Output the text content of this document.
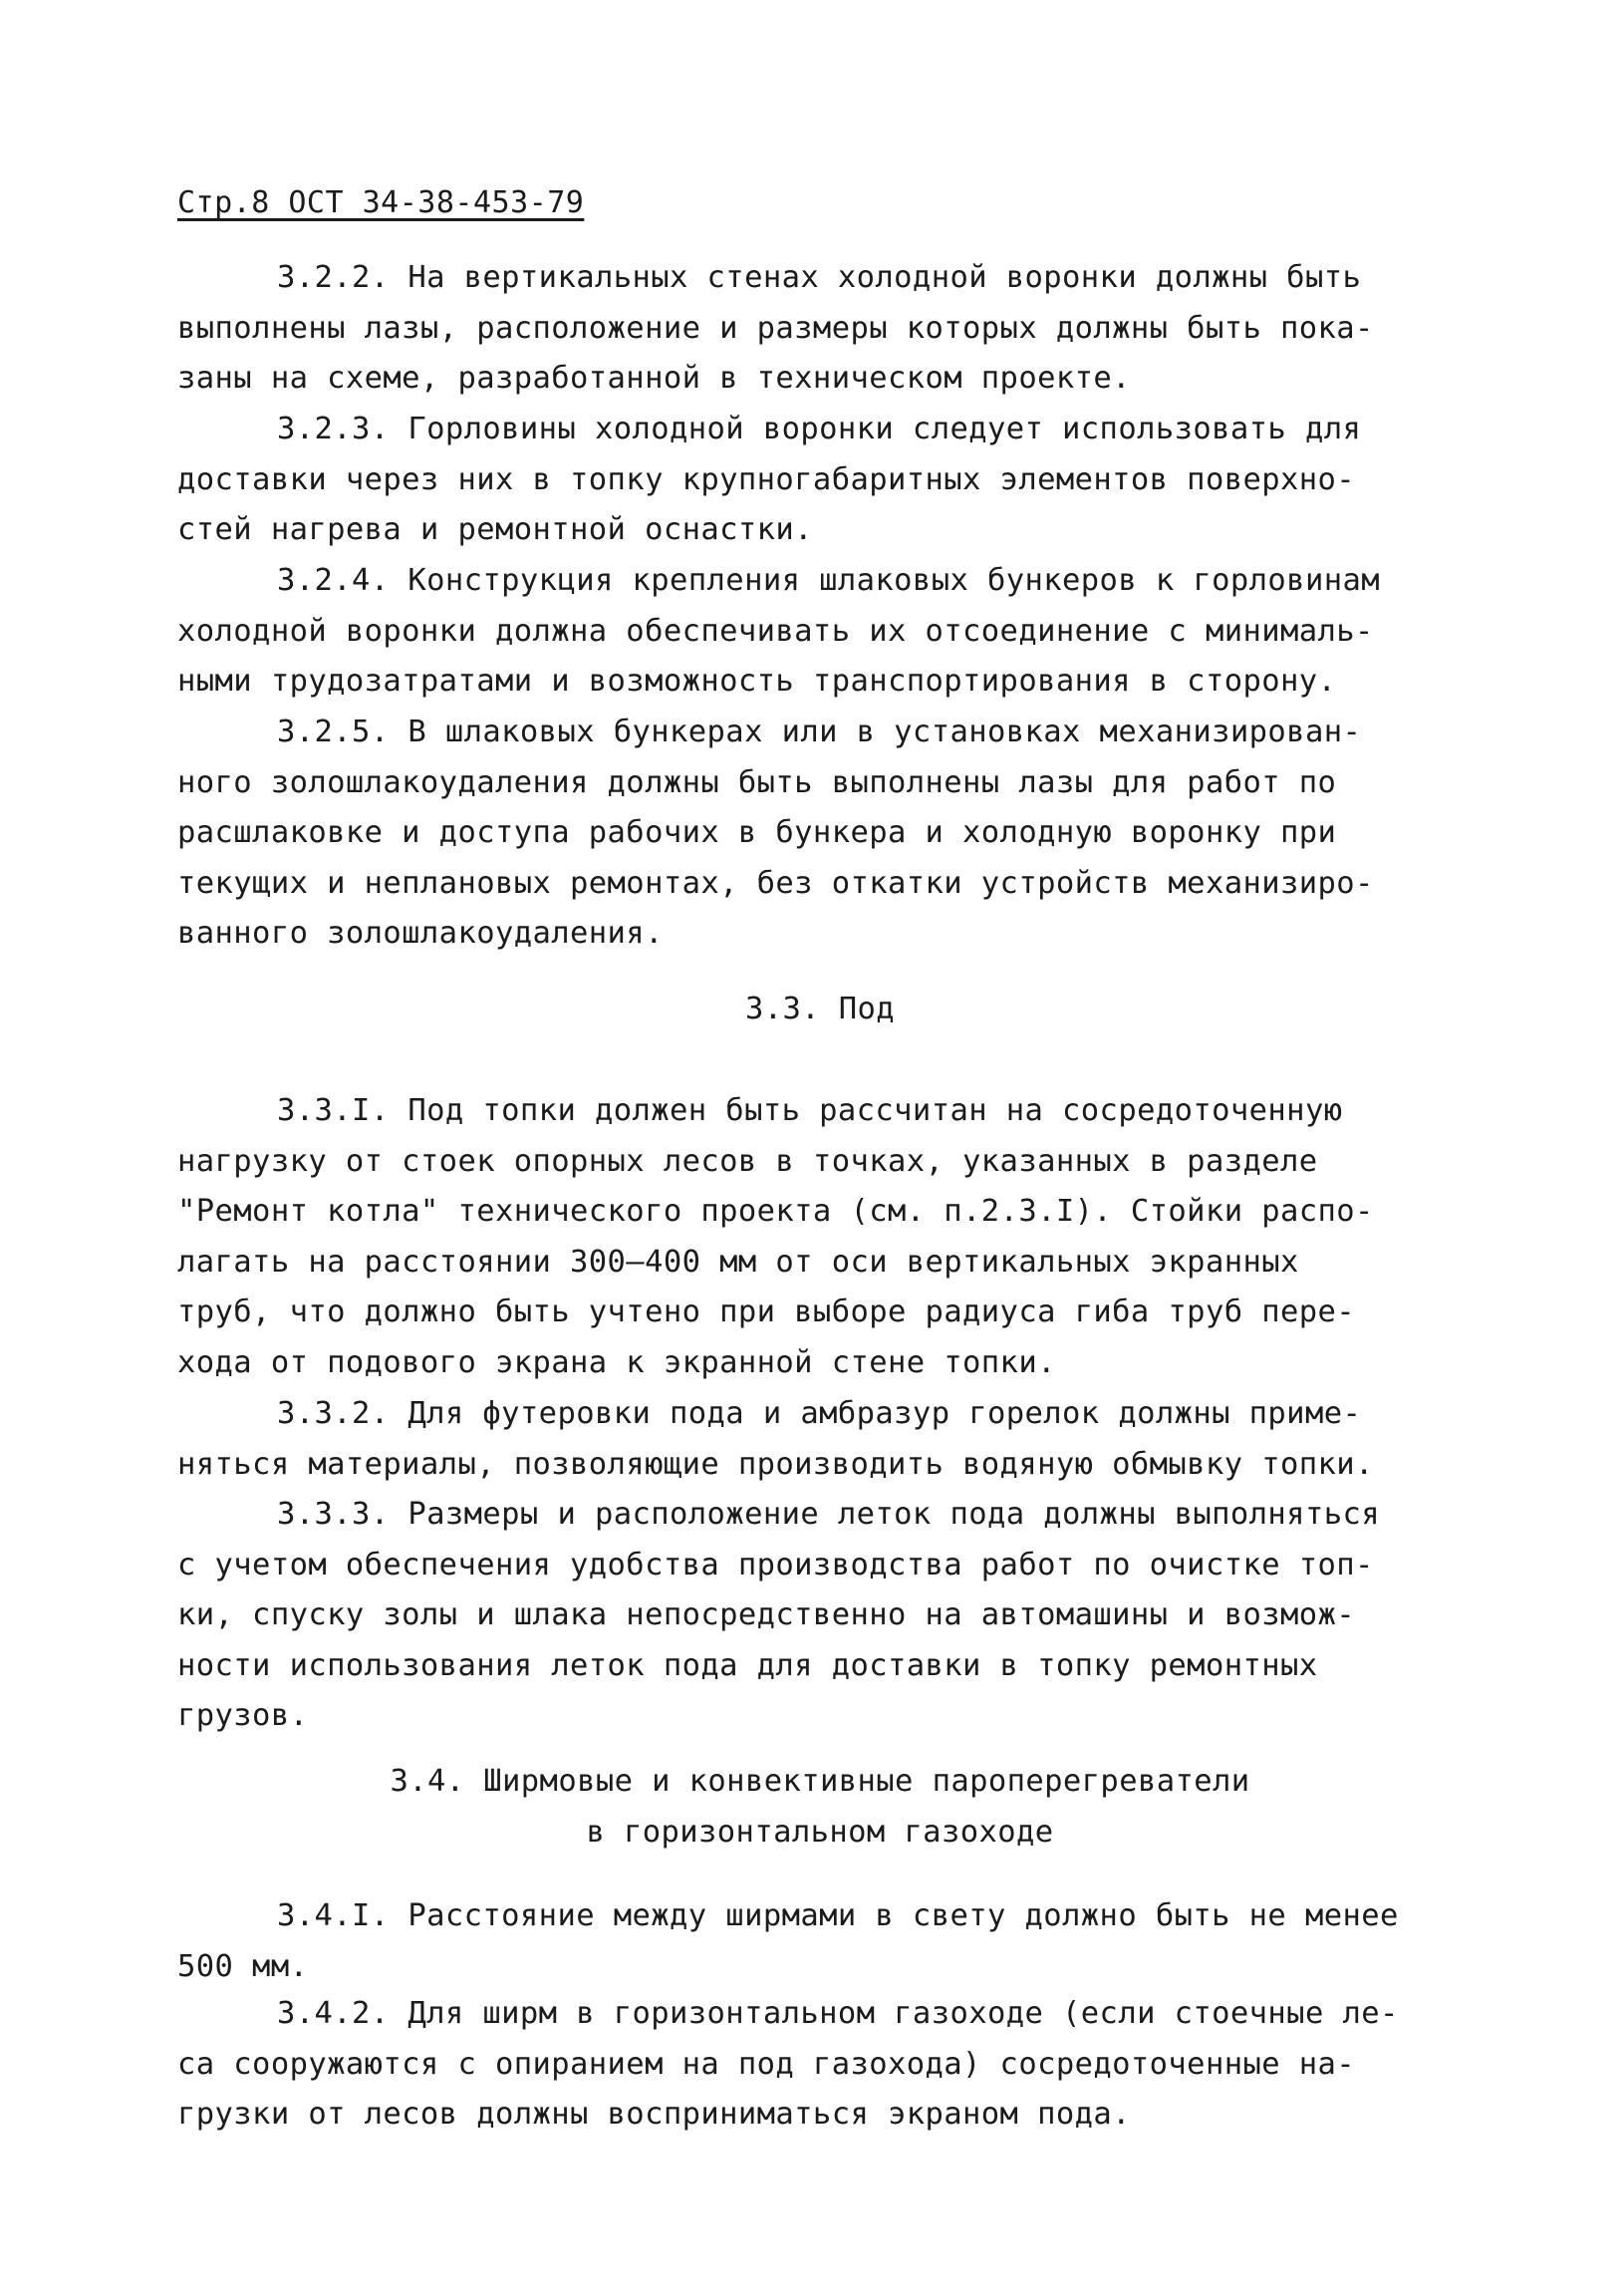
Стр.8 ОСТ 34-38-453-79
3.2.2. На вертикальных стенах холодной воронки должны быть
выполнены лазы, расположение и размеры которых должны быть пока-
заны на схеме, разработанной в техническом проекте.
3.2.3. Горловины холодной воронки следует использовать для
доставки через них в топку крупногабаритных элементов поверхно-
стей нагрева и ремонтной оснастки.
3.2.4. Конструкция крепления шлаковых бункеров к горловинам
холодной воронки должна обеспечивать их отсоединение с минималь-
ными трудозатратами и возможность транспортирования в сторону.
3.2.5. В шлаковых бункерах или в установках механизирован-
ного золошлакоудаления должны быть выполнены лазы для работ по
расшлаковке и доступа рабочих в бункера и холодную воронку при
текущих и неплановых ремонтах, без откатки устройств механизиро-
ванного золошлакоудаления.
3.3. Под
3.3.I. Под топки должен быть рассчитан на сосредоточенную
нагрузку от стоек опорных лесов в точках, указанных в разделе
"Ремонт котла" технического проекта (см. п.2.3.I). Стойки распо-
лагать на расстоянии 300–400 мм от оси вертикальных экранных
труб, что должно быть учтено при выборе радиуса гиба труб пере-
хода от подового экрана к экранной стене топки.
3.3.2. Для футеровки пода и амбразур горелок должны приме-
няться материалы, позволяющие производить водяную обмывку топки.
3.3.3. Размеры и расположение леток пода должны выполняться
с учетом обеспечения удобства производства работ по очистке топ-
ки, спуску золы и шлака непосредственно на автомашины и возмож-
ности использования леток пода для доставки в топку ремонтных
грузов.
3.4. Ширмовые и конвективные пароперегреватели
в горизонтальном газоходе
3.4.I. Расстояние между ширмами в свету должно быть не менее
500 мм.
3.4.2. Для ширм в горизонтальном газоходе (если стоечные ле-
са сооружаются с опиранием на под газохода) сосредоточенные на-
грузки от лесов должны восприниматься экраном пода.
